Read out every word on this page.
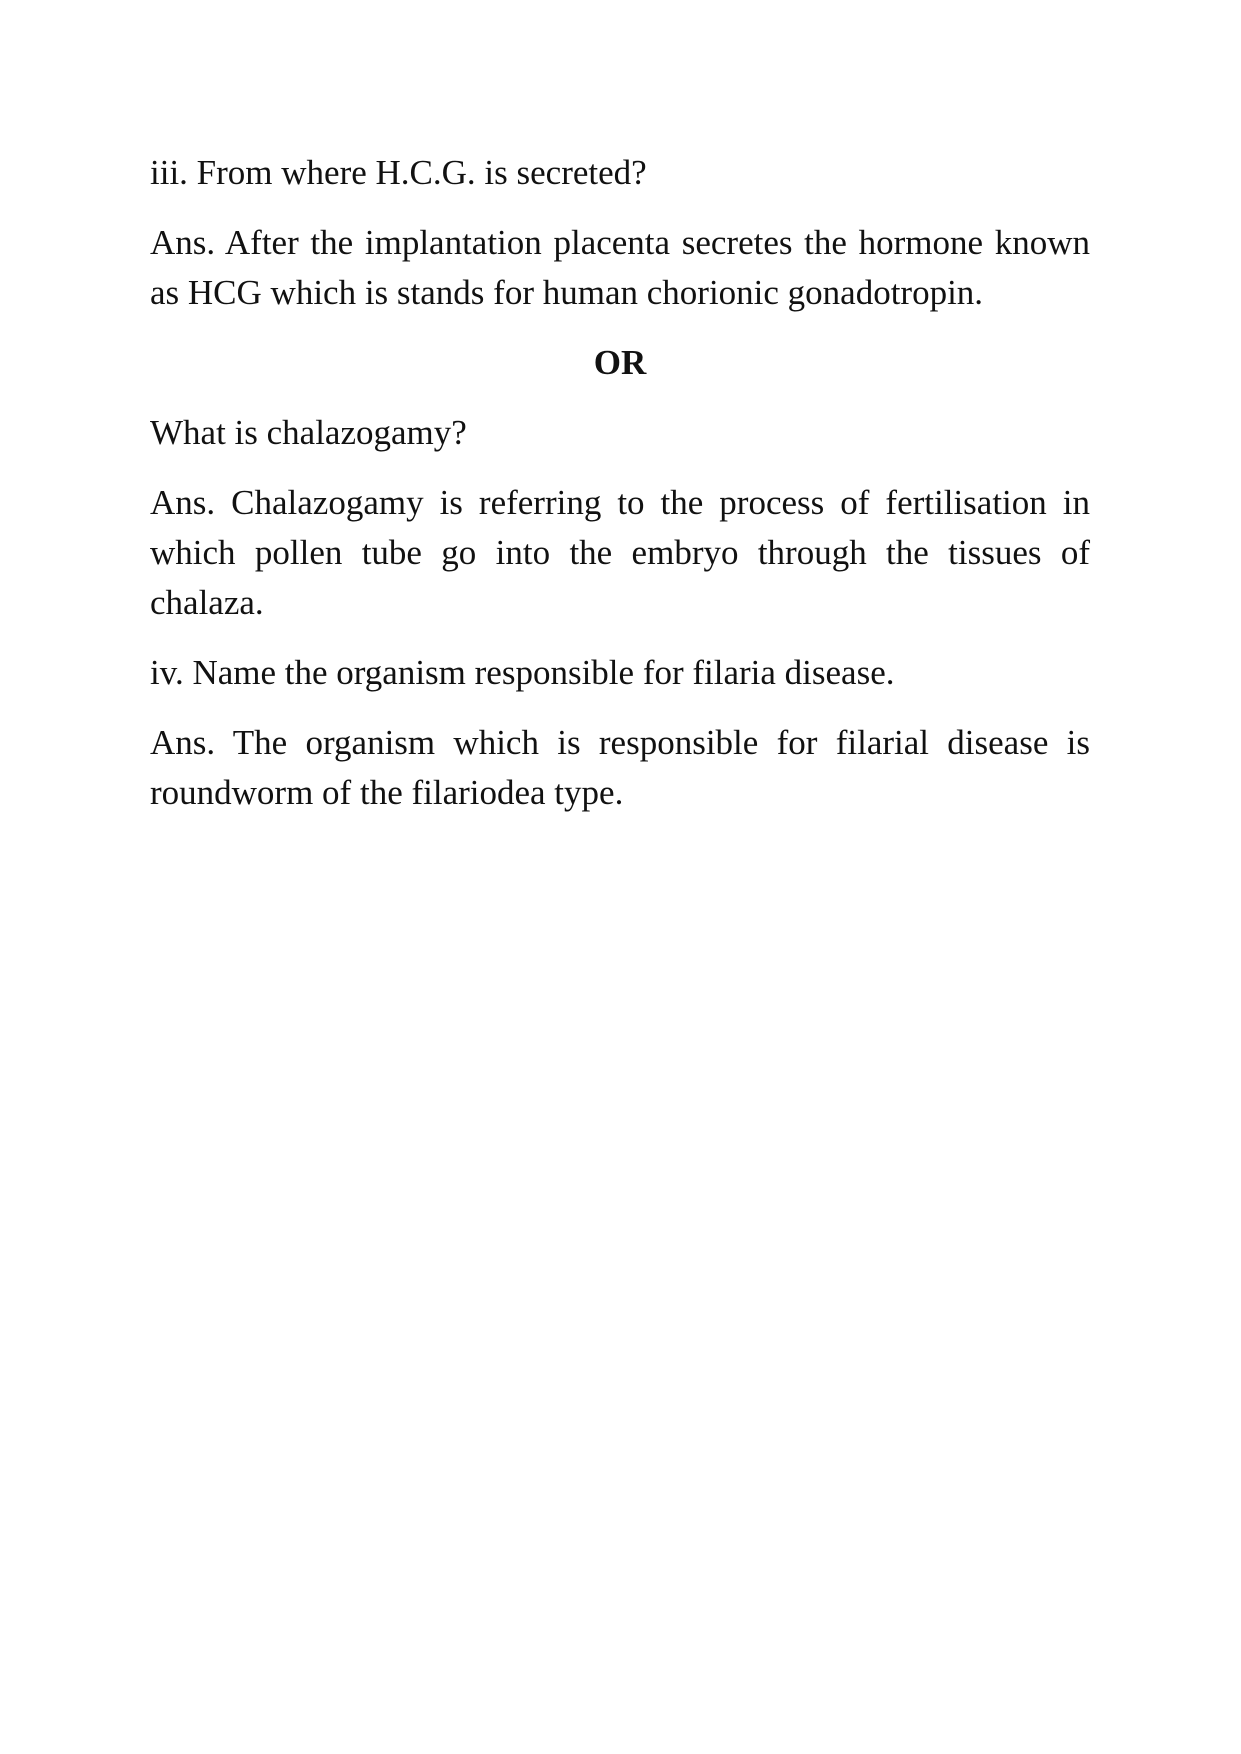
iii. From where H.C.G. is secreted?

Ans. After the implantation placenta secretes the hormone known as HCG which is stands for human chorionic gonadotropin.

OR

What is chalazogamy?

Ans. Chalazogamy is referring to the process of fertilisation in which pollen tube go into the embryo through the tissues of chalaza.

iv. Name the organism responsible for filaria disease.

Ans. The organism which is responsible for filarial disease is roundworm of the filariodea type.
